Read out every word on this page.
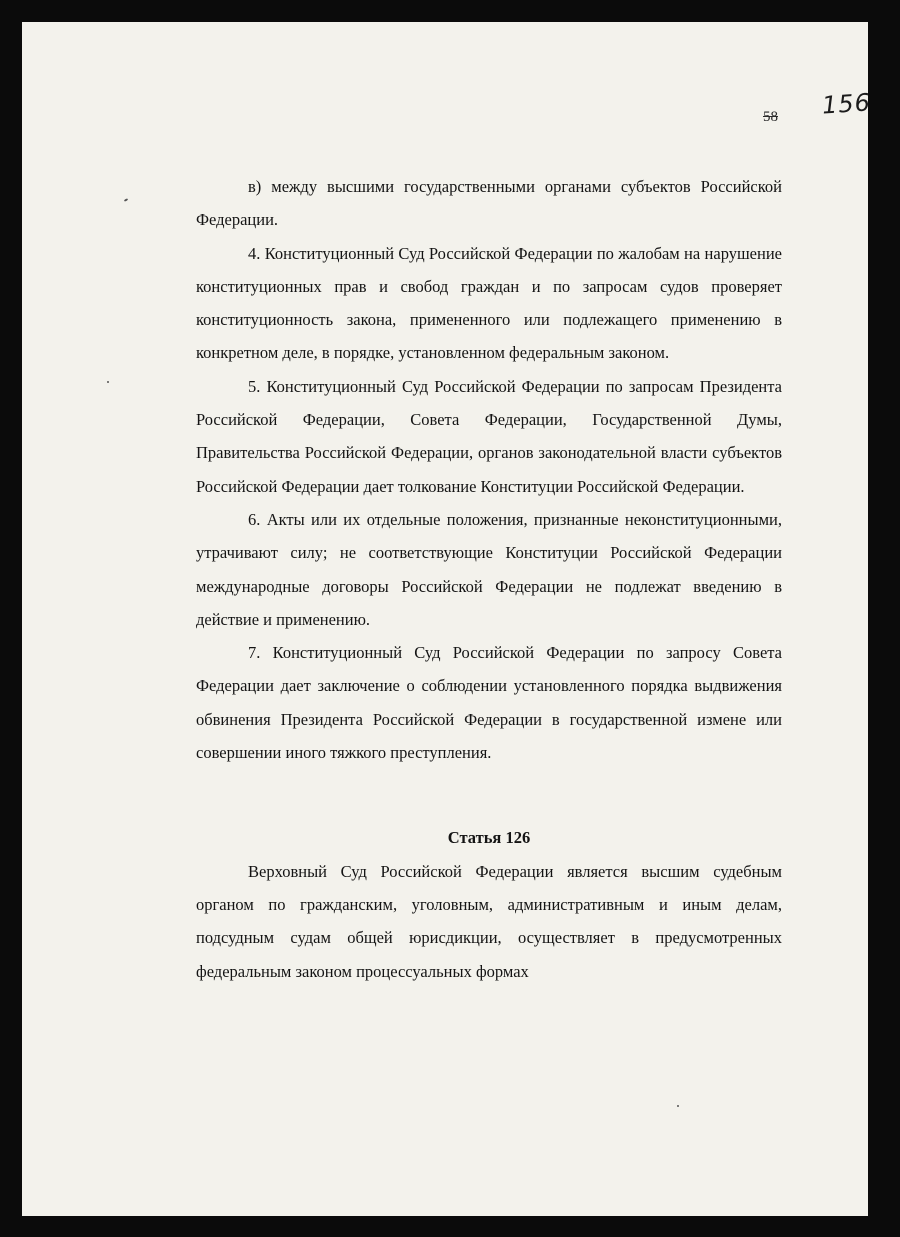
58 156

в) между высшими государственными органами субъектов Российской Федерации.

4. Конституционный Суд Российской Федерации по жалобам на нарушение конституционных прав и свобод граждан и по запросам судов проверяет конституционность закона, примененного или подлежащего применению в конкретном деле, в порядке, установленном федеральным законом.

5. Конституционный Суд Российской Федерации по запросам Президента Российской Федерации, Совета Федерации, Государственной Думы, Правительства Российской Федерации, органов законодательной власти субъектов Российской Федерации дает толкование Конституции Российской Федерации.

6. Акты или их отдельные положения, признанные неконституционными, утрачивают силу; не соответствующие Конституции Российской Федерации международные договоры Российской Федерации не подлежат введению в действие и применению.

7. Конституционный Суд Российской Федерации по запросу Совета Федерации дает заключение о соблюдении установленного порядка выдвижения обвинения Президента Российской Федерации в государственной измене или совершении иного тяжкого преступления.

Статья 126

Верховный Суд Российской Федерации является высшим судебным органом по гражданским, уголовным, административным и иным делам, подсудным судам общей юрисдикции, осуществляет в предусмотренных федеральным законом процессуальных формах
